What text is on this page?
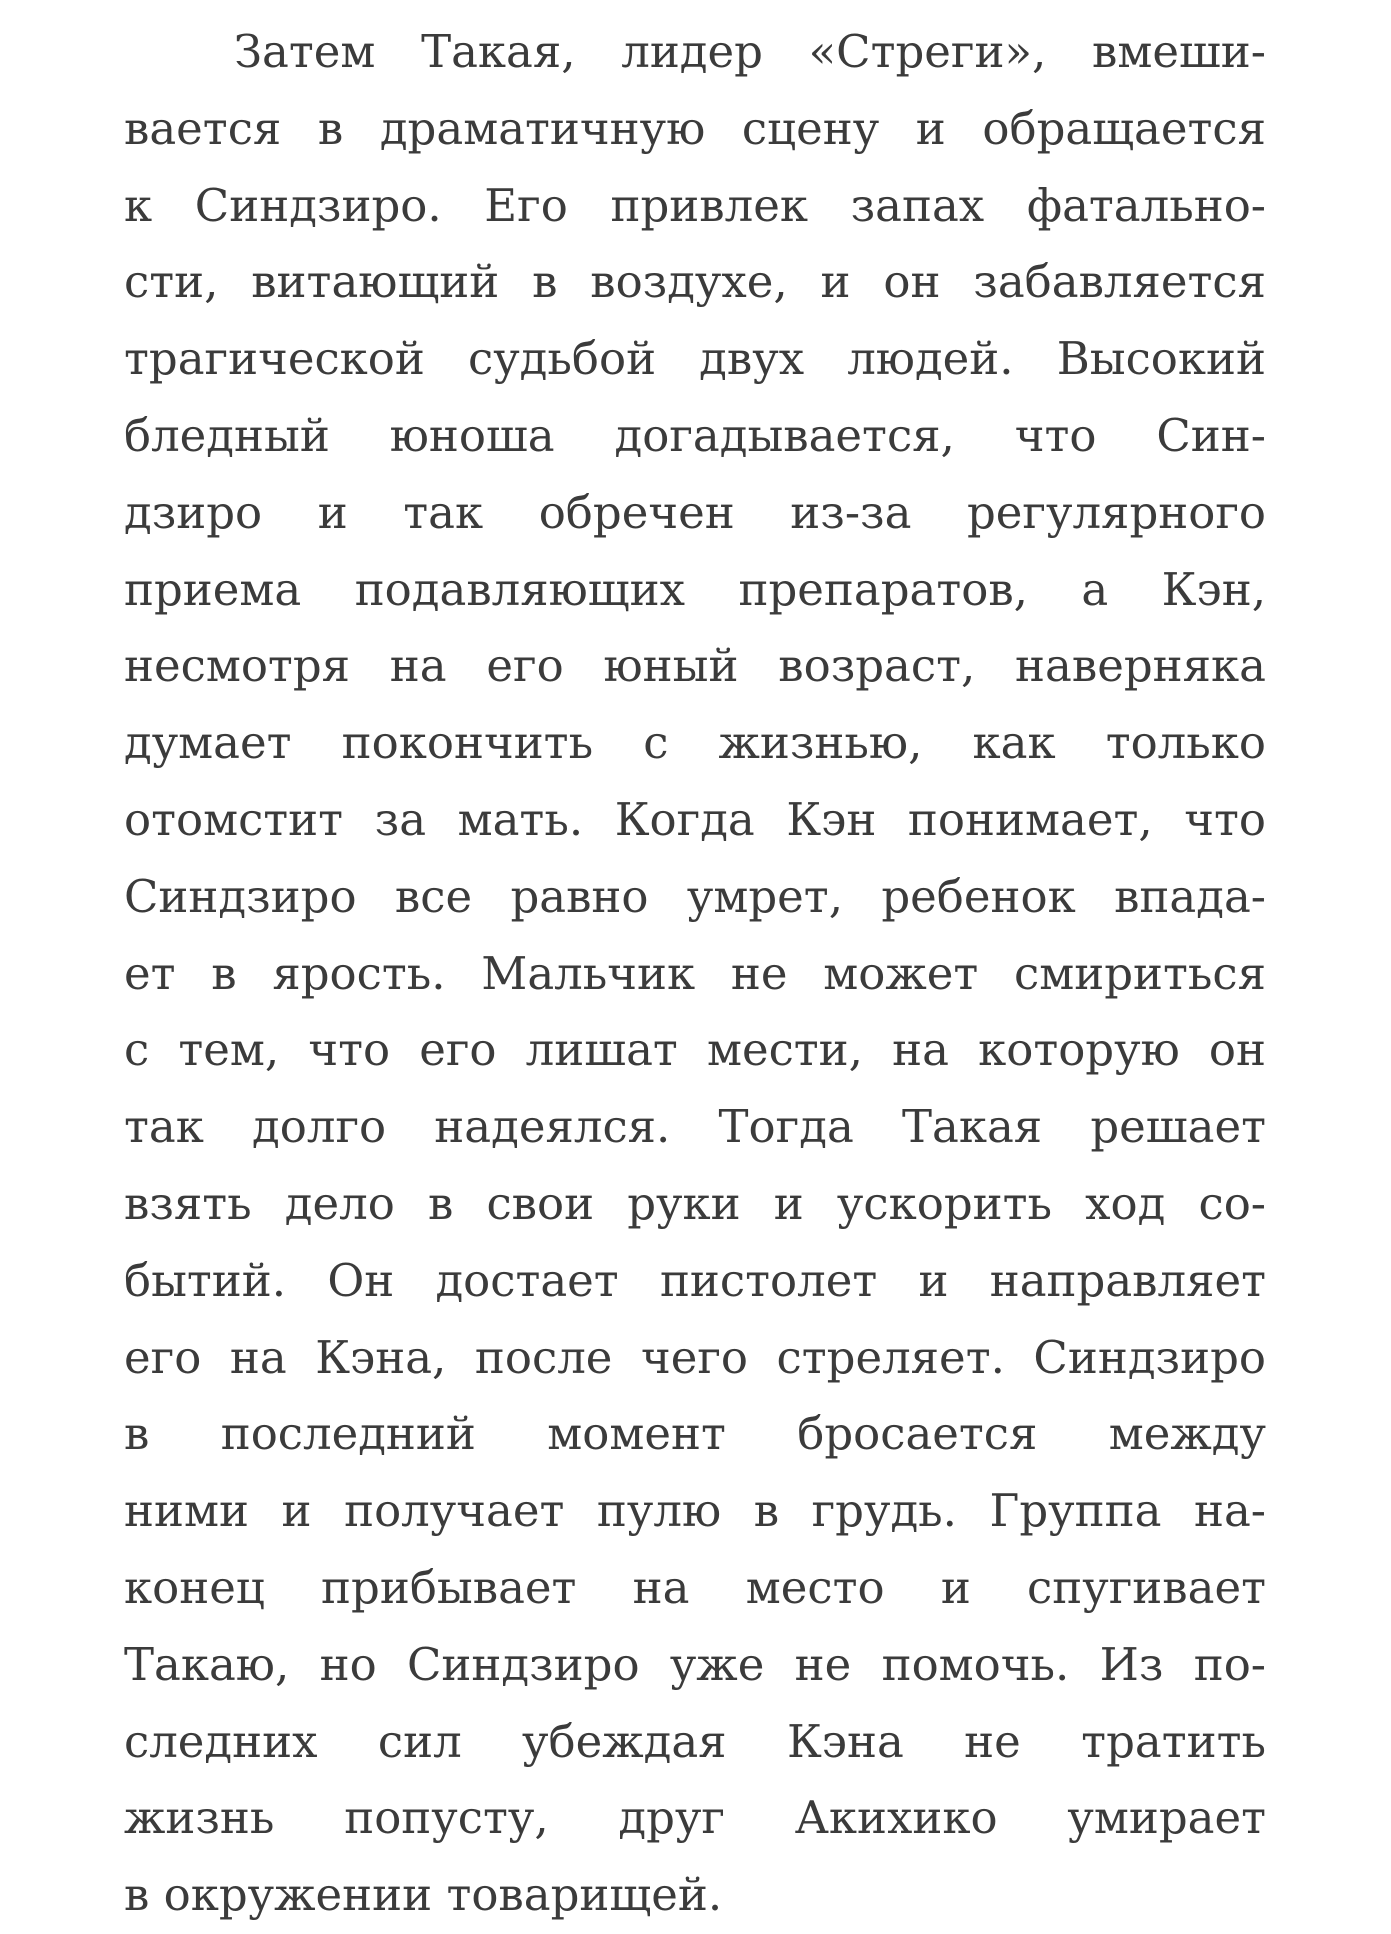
Затем Такая, лидер «Стреги», вмеши-
вается в драматичную сцену и обращается
к Синдзиро. Его привлек запах фатально-
сти, витающий в воздухе, и он забавляется
трагической судьбой двух людей. Высокий
бледный юноша догадывается, что Син-
дзиро и так обречен из-за регулярного
приема подавляющих препаратов, а Кэн,
несмотря на его юный возраст, наверняка
думает покончить с жизнью, как только
отомстит за мать. Когда Кэн понимает, что
Синдзиро все равно умрет, ребенок впада-
ет в ярость. Мальчик не может смириться
с тем, что его лишат мести, на которую он
так долго надеялся. Тогда Такая решает
взять дело в свои руки и ускорить ход со-
бытий. Он достает пистолет и направляет
его на Кэна, после чего стреляет. Синдзиро
в последний момент бросается между
ними и получает пулю в грудь. Группа на-
конец прибывает на место и спугивает
Такаю, но Синдзиро уже не помочь. Из по-
следних сил убеждая Кэна не тратить
жизнь попусту, друг Акихико умирает
в окружении товарищей.
